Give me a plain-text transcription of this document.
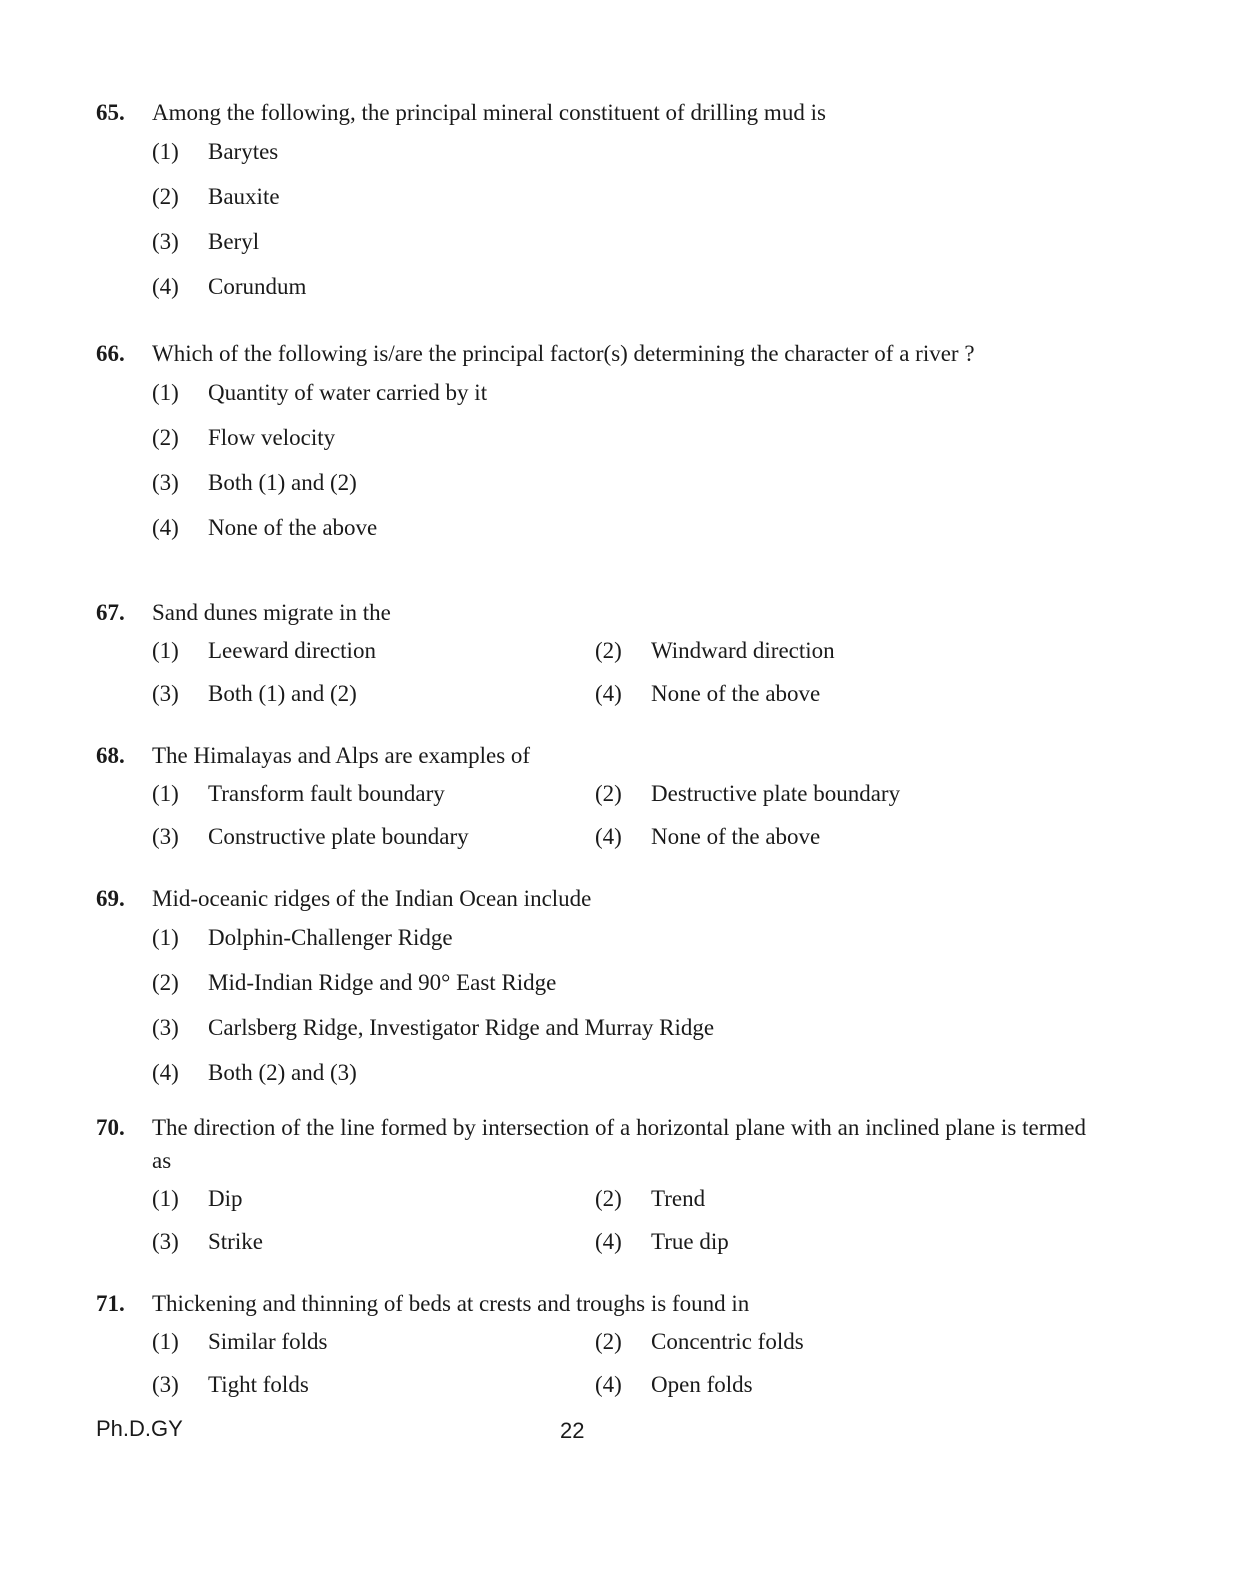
65.	Among the following, the principal mineral constituent of drilling mud is
(1)	Barytes
(2)	Bauxite
(3)	Beryl
(4)	Corundum
66.	Which of the following is/are the principal factor(s) determining the character of a river ?
(1)	Quantity of water carried by it
(2)	Flow velocity
(3)	Both (1) and (2)
(4)	None of the above
67.	Sand dunes migrate in the
(1)	Leeward direction	(2)	Windward direction
(3)	Both (1) and (2)	(4)	None of the above
68.	The Himalayas and Alps are examples of
(1)	Transform fault boundary	(2)	Destructive plate boundary
(3)	Constructive plate boundary	(4)	None of the above
69.	Mid-oceanic ridges of the Indian Ocean include
(1)	Dolphin-Challenger Ridge
(2)	Mid-Indian Ridge and 90° East Ridge
(3)	Carlsberg Ridge, Investigator Ridge and Murray Ridge
(4)	Both (2) and (3)
70.	The direction of the line formed by intersection of a horizontal plane with an inclined plane is termed as
(1)	Dip	(2)	Trend
(3)	Strike	(4)	True dip
71.	Thickening and thinning of beds at crests and troughs is found in
(1)	Similar folds	(2)	Concentric folds
(3)	Tight folds	(4)	Open folds
Ph.D.GY	22
